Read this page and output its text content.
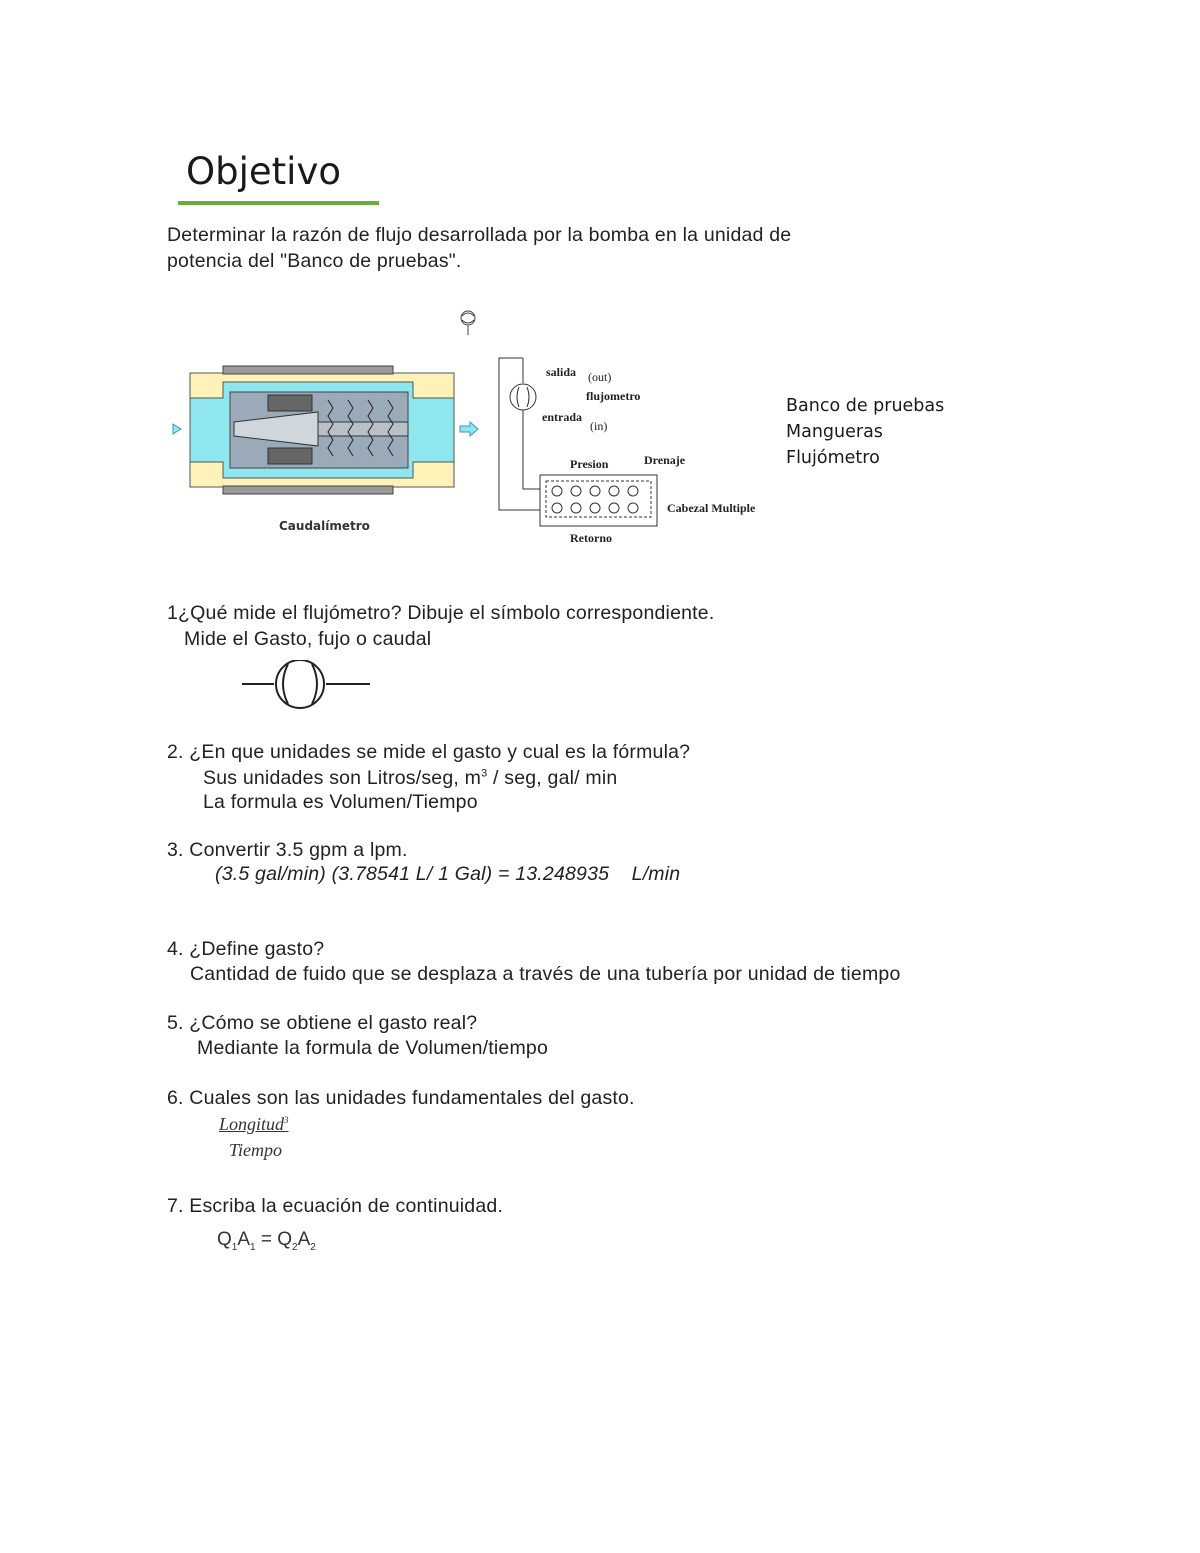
Objetivo
Determinar la razón de flujo desarrollada por la bomba en la unidad de
potencia del "Banco de pruebas".
Caudalímetro
salida (out)
flujometro
entrada
(in)
Presion	Drenaje
Cabezal Multiple
Retorno
Banco de pruebas
Mangueras
Flujómetro
1¿Qué mide el flujómetro? Dibuje el símbolo correspondiente.
Mide el Gasto, fujo o caudal
2. ¿En que unidades se mide el gasto y cual es la fórmula?
Sus unidades son Litros/seg, $m^3$ / seg, gal/ min
La formula es Volumen/Tiempo
3. Convertir 3.5 gpm a lpm.
(3.5 gal/min) (3.78541 L/ 1 Gal) = 13.248935    L/min
4. ¿Define gasto?
Cantidad de fuido que se desplaza a través de una tubería por unidad de tiempo
5. ¿Cómo se obtiene el gasto real?
Mediante la formula de Volumen/tiempo
6. Cuales son las unidades fundamentales del gasto.
Longitud$^3$
Tiempo
7. Escriba la ecuación de continuidad.
$Q_1A_1 = Q_2A_2$
